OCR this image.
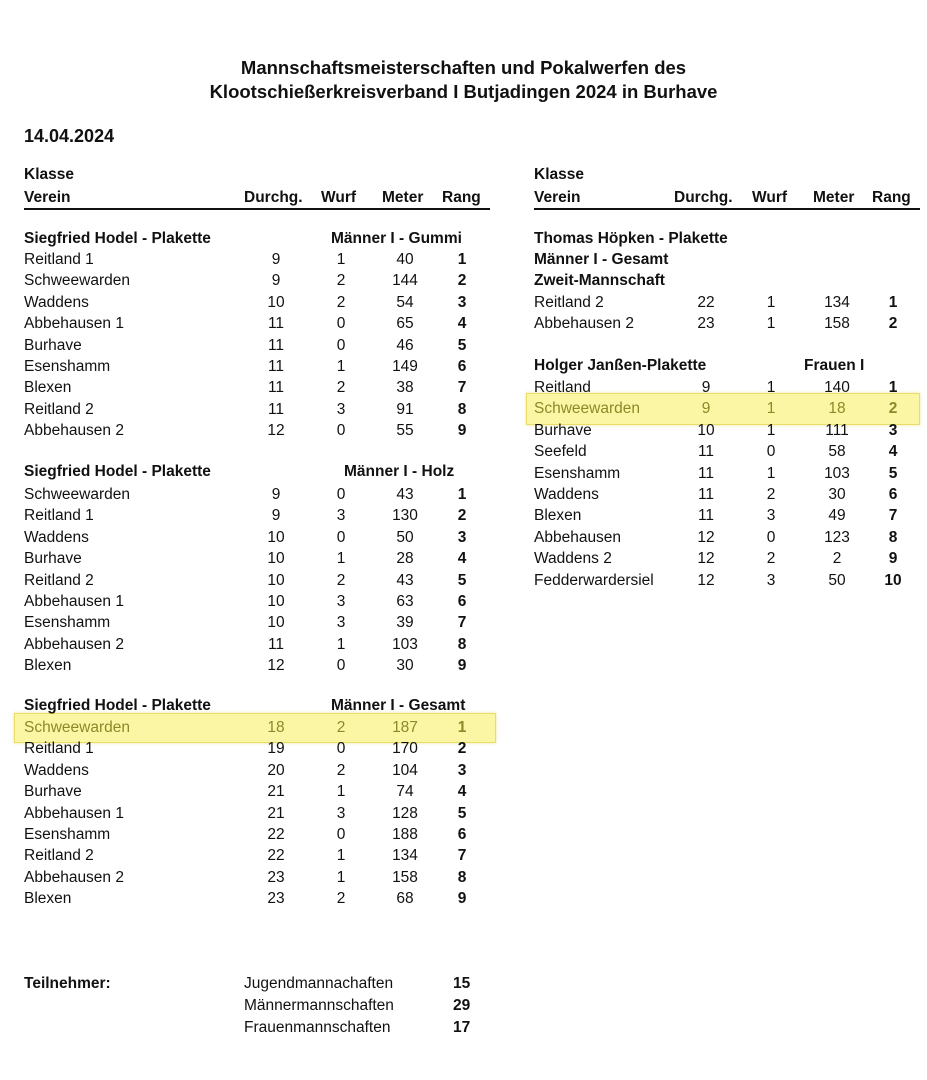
Mannschaftsmeisterschaften und Pokalwerfen des
Klootschießerkreisverband I Butjadingen 2024 in Burhave
14.04.2024
Klasse
Verein	Durchg. Wurf Meter Rang
Siegfried Hodel - Plakette	Männer I - Gummi
Reitland 1	9	1	40	1
Schweewarden	9	2	144	2
Waddens	10	2	54	3
Abbehausen 1	11	0	65	4
Burhave	11	0	46	5
Esenshamm	11	1	149	6
Blexen	11	2	38	7
Reitland 2	11	3	91	8
Abbehausen 2	12	0	55	9
Siegfried Hodel - Plakette	Männer I - Holz
Schweewarden	9	0	43	1
Reitland 1	9	3	130	2
Waddens	10	0	50	3
Burhave	10	1	28	4
Reitland 2	10	2	43	5
Abbehausen 1	10	3	63	6
Esenshamm	10	3	39	7
Abbehausen 2	11	1	103	8
Blexen	12	0	30	9
Siegfried Hodel - Plakette	Männer I - Gesamt
Schweewarden	18	2	187	1
Reitland 1	19	0	170	2
Waddens	20	2	104	3
Burhave	21	1	74	4
Abbehausen 1	21	3	128	5
Esenshamm	22	0	188	6
Reitland 2	22	1	134	7
Abbehausen 2	23	1	158	8
Blexen	23	2	68	9
Klasse
Verein	Durchg. Wurf Meter Rang
Thomas Höpken - Plakette
Männer I - Gesamt
Zweit-Mannschaft
Reitland 2	22	1	134	1
Abbehausen 2	23	1	158	2
Holger Janßen-Plakette	Frauen I
Reitland	9	1	140	1
Schweewarden	9	1	18	2
Burhave	10	1	111	3
Seefeld	11	0	58	4
Esenshamm	11	1	103	5
Waddens	11	2	30	6
Blexen	11	3	49	7
Abbehausen	12	0	123	8
Waddens 2	12	2	2	9
Fedderwardersiel	12	3	50	10
Teilnehmer:	Jugendmannachaften	15
Männermannschaften	29
Frauenmannschaften	17
